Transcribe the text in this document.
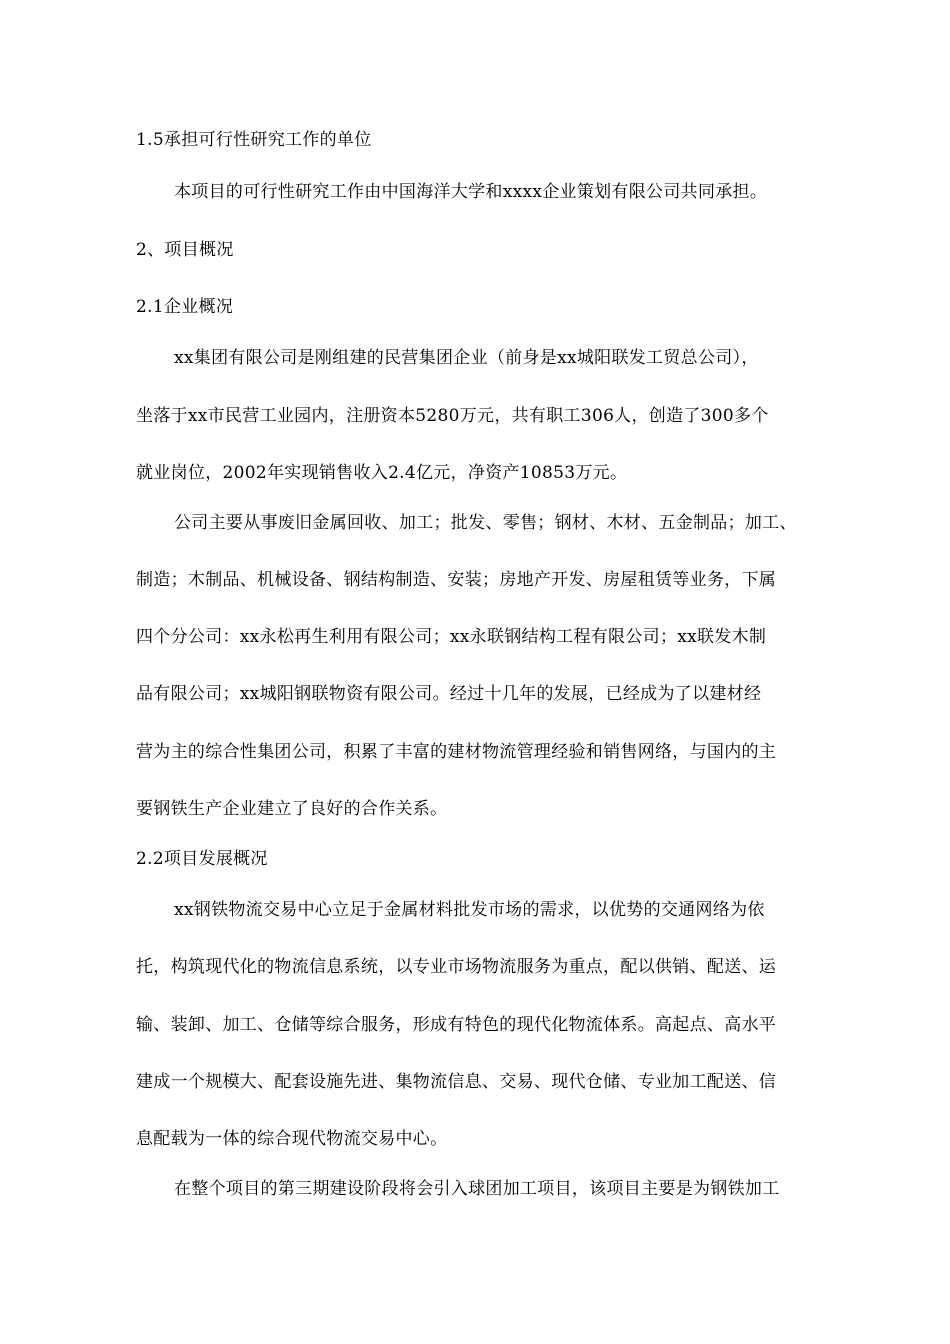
1.5承担可行性研究工作的单位

本项目的可行性研究工作由中国海洋大学和xxxx企业策划有限公司共同承担。

2、项目概况

2.1企业概况

xx集团有限公司是刚组建的民营集团企业（前身是xx城阳联发工贸总公司），

坐落于xx市民营工业园内，注册资本5280万元，共有职工306人，创造了300多个

就业岗位，2002年实现销售收入2.4亿元，净资产10853万元。

公司主要从事废旧金属回收、加工；批发、零售；钢材、木材、五金制品；加工、

制造；木制品、机械设备、钢结构制造、安装；房地产开发、房屋租赁等业务，下属

四个分公司：xx永松再生利用有限公司；xx永联钢结构工程有限公司；xx联发木制

品有限公司；xx城阳钢联物资有限公司。经过十几年的发展，已经成为了以建材经

营为主的综合性集团公司，积累了丰富的建材物流管理经验和销售网络，与国内的主

要钢铁生产企业建立了良好的合作关系。

2.2项目发展概况

xx钢铁物流交易中心立足于金属材料批发市场的需求，以优势的交通网络为依

托，构筑现代化的物流信息系统，以专业市场物流服务为重点，配以供销、配送、运

输、装卸、加工、仓储等综合服务，形成有特色的现代化物流体系。高起点、高水平

建成一个规模大、配套设施先进、集物流信息、交易、现代仓储、专业加工配送、信

息配载为一体的综合现代物流交易中心。

在整个项目的第三期建设阶段将会引入球团加工项目，该项目主要是为钢铁加工
